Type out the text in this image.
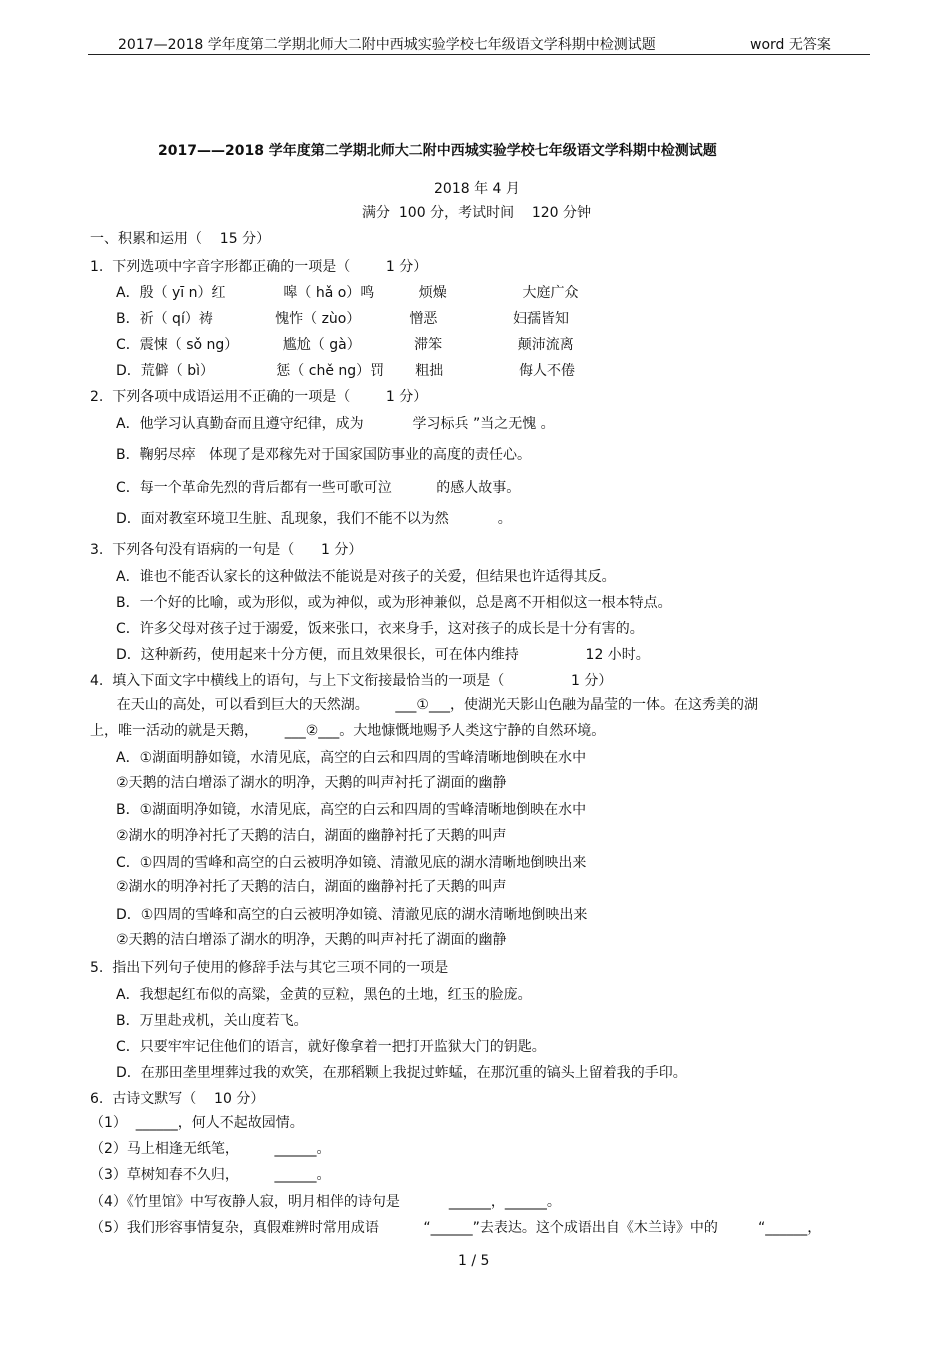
2017—2018 学年度第二学期北师大二附中西城实验学校七年级语文学科期中检测试题	word 无答案
2017——2018 学年度第二学期北师大二附中西城实验学校七年级语文学科期中检测试题
2018 年 4 月
满分  100 分，考试时间    120 分钟
一、积累和运用（    15 分）
1.  下列选项中字音字形都正确的一项是（        1 分）
A．殷（ yī n）红             嗥（ hǎ o）鸣          烦燥                 大庭广众
B．祈（ qí）祷              愧怍（ zùo）           憎恶                 妇孺皆知
C．震悚（ sǒ ng）          尴尬（ gà）            滞笨                 颠沛流离
D．荒僻（ bì）              惩（ chě ng）罚       粗拙                 侮人不倦
2.  下列各项中成语运用不正确的一项是（        1 分）
A．他学习认真勤奋而且遵守纪律，成为           学习标兵 ”当之无愧 。
B．鞠躬尽瘁   体现了是邓稼先对于国家国防事业的高度的责任心。
C．每一个革命先烈的背后都有一些可歌可泣          的感人故事。
D．面对教室环境卫生脏、乱现象，我们不能不以为然           。
3.  下列各句没有语病的一句是（      1 分）
A．谁也不能否认家长的这种做法不能说是对孩子的关爱，但结果也许适得其反。
B．一个好的比喻，或为形似，或为神似，或为形神兼似，总是离不开相似这一根本特点。
C．许多父母对孩子过于溺爱，饭来张口，衣来身手，这对孩子的成长是十分有害的。
D．这种新药，使用起来十分方便，而且效果很长，可在体内维持               12 小时。
4.  填入下面文字中横线上的语句，与上下文衔接最恰当的一项是（               1 分）
在天山的高处，可以看到巨大的天然湖。      ___①___，使湖光天影山色融为晶莹的一体。在这秀美的湖
上，唯一活动的就是天鹅，      ___②___。大地慷慨地赐予人类这宁静的自然环境。
A．①湖面明静如镜，水清见底，高空的白云和四周的雪峰清晰地倒映在水中
②天鹅的洁白增添了湖水的明净，天鹅的叫声衬托了湖面的幽静
B．①湖面明净如镜，水清见底，高空的白云和四周的雪峰清晰地倒映在水中
②湖水的明净衬托了天鹅的洁白，湖面的幽静衬托了天鹅的叫声
C．①四周的雪峰和高空的白云被明净如镜、清澈见底的湖水清晰地倒映出来
②湖水的明净衬托了天鹅的洁白，湖面的幽静衬托了天鹅的叫声
D．①四周的雪峰和高空的白云被明净如镜、清澈见底的湖水清晰地倒映出来
②天鹅的洁白增添了湖水的明净，天鹅的叫声衬托了湖面的幽静
5.  指出下列句子使用的修辞手法与其它三项不同的一项是
A．我想起红布似的高粱，金黄的豆粒，黑色的土地，红玉的脸庞。
B．万里赴戎机，关山度若飞。
C．只要牢牢记住他们的语言，就好像拿着一把打开监狱大门的钥匙。
D．在那田垄里埋葬过我的欢笑，在那稻颗上我捉过蚱蜢，在那沉重的镐头上留着我的手印。
6.  古诗文默写（    10 分）
（1）  ______，何人不起故园情。
（2）马上相逢无纸笔，        ______。
（3）草树知春不久归，        ______。
（4）《竹里馆》中写夜静人寂，明月相伴的诗句是           ______，______。
（5）我们形容事情复杂，真假难辨时常用成语          “______”去表达。这个成语出自《木兰诗》中的         “______，
1 / 5
